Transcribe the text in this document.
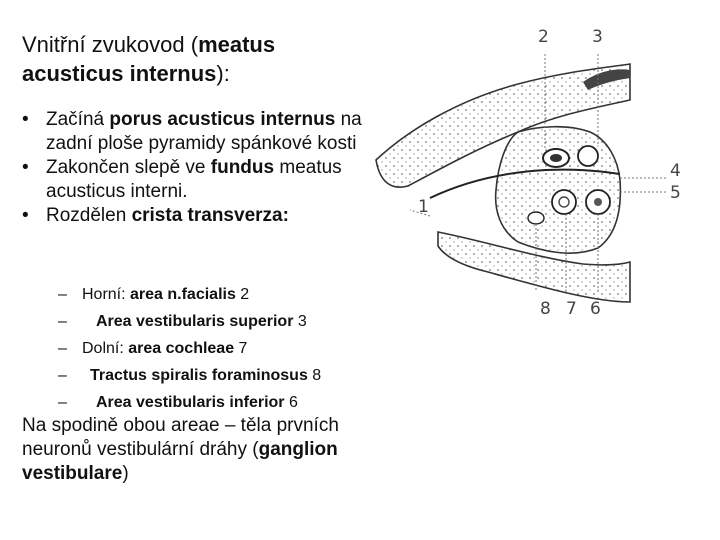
Vnitřní zvukovod (meatus acusticus internus):

• Začíná porus acusticus internus na zadní ploše pyramidy spánkové kosti

• Zakončen slepě ve fundus meatus acusticus interni.

• Rozdělen crista transverza:

– Horní: area n.facialis 2
– Area vestibularis superior 3
– Dolní: area cochleae 7
– Tractus spiralis foraminosus 8
– Area vestibularis inferior 6
Na spodině obou areae – těla prvních neuronů vestibulární dráhy (ganglion vestibulare)
2	3
4
5
1
8 7 6
